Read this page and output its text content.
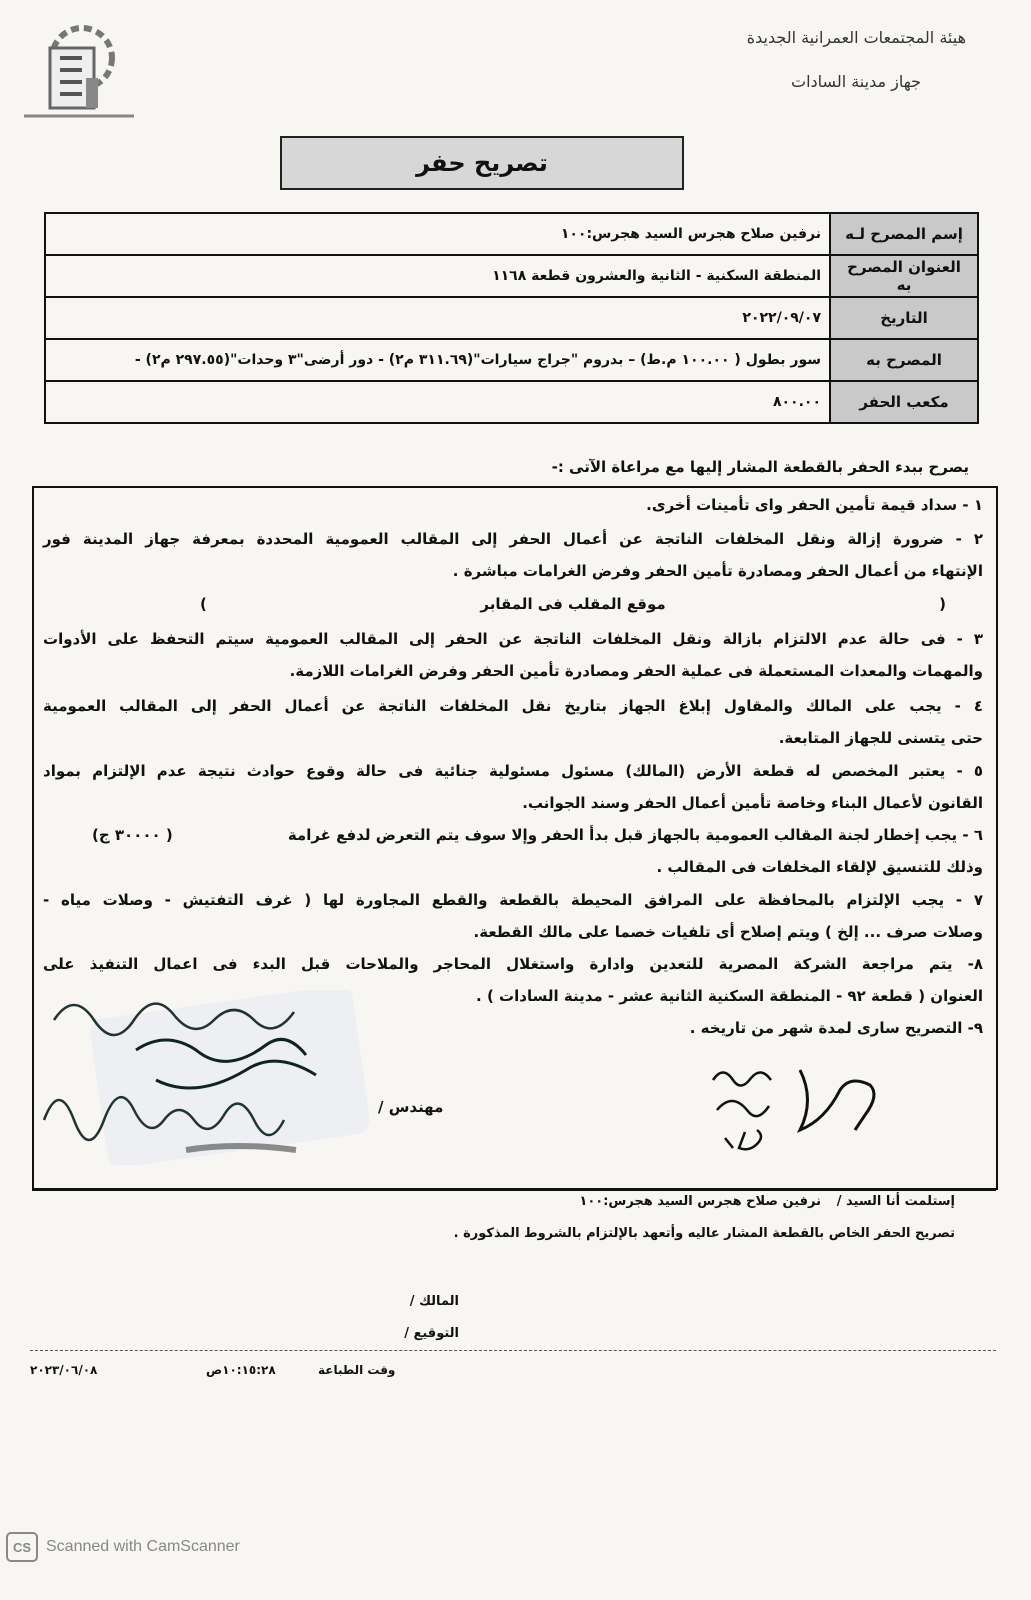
هيئة المجتمعات العمرانية الجديدة
جهاز مدينة السادات
تصريح حفر
إسم المصرح لـه	نرفين صلاح هجرس السيد هجرس:١٠٠
العنوان المصرح به	المنطقة السكنية - الثانية والعشرون قطعة ١١٦٨
التاريخ	٢٠٢٢/٠٩/٠٧
المصرح به	سور بطول ( ١٠٠.٠٠ م.ط) – بدروم "جراج سيارات"(٣١١.٦٩ م٢) - دور أرضى"٣ وحدات"(٢٩٧.٥٥ م٢) -
مكعب الحفر	٨٠٠.٠٠
يصرح ببدء الحفر بالقطعة المشار إليها مع مراعاة الآتى :-
١ - سداد قيمة تأمين الحفر واى تأمينات أخرى.
٢ - ضرورة إزالة ونقل المخلفات الناتجة عن أعمال الحفر إلى المقالب العمومية المحددة بمعرفة جهاز المدينة فور
الإنتهاء من أعمال الحفر ومصادرة تأمين الحفر وفرض الغرامات مباشرة .
(
موقع المقلب فى المقابر
)
٣ - فى حالة عدم الالتزام بازالة ونقل المخلفات الناتجة عن الحفر إلى المقالب العمومية سيتم التحفظ على الأدوات
والمهمات والمعدات المستعملة فى عملية الحفر ومصادرة تأمين الحفر وفرض الغرامات اللازمة.
٤ - يجب على المالك والمقاول إبلاغ الجهاز بتاريخ نقل المخلفات الناتجة عن أعمال الحفر إلى المقالب العمومية
حتى يتسنى للجهاز المتابعة.
٥ - يعتبر المخصص له قطعة الأرض (المالك) مسئول مسئولية جنائية فى حالة وقوع حوادث نتيجة عدم الإلتزام بمواد
القانون لأعمال البناء وخاصة تأمين أعمال الحفر وسند الجوانب.
٦ - يجب إخطار لجنة المقالب العمومية بالجهاز قبل بدأ الحفر وإلا سوف يتم التعرض لدفع غرامة
( ٣٠٠٠٠ ج)
وذلك للتنسيق لإلقاء المخلفات فى المقالب .
٧ - يجب الإلتزام بالمحافظة على المرافق المحيطة بالقطعة والقطع المجاورة لها ( غرف التفتيش - وصلات مياه -
وصلات صرف ... إلخ ) ويتم إصلاح أى تلفيات خصما على مالك القطعة.
٨- يتم مراجعة الشركة المصرية للتعدين وادارة واستغلال المحاجر والملاحات قبل البدء فى اعمال التنفيذ على
العنوان ( قطعة ٩٢ - المنطقة السكنية الثانية عشر - مدينة السادات ) .
٩- التصريح سارى لمدة شهر من تاريخه .
مهندس /
إستلمت أنا السيد /
نرفين صلاح هجرس السيد هجرس:١٠٠
تصريح الحفر الخاص بالقطعة المشار عاليه وأتعهد بالإلتزام بالشروط المذكورة .
المالك /
التوقيع /
وقت الطباعة
١٠:١٥:٢٨ص
٢٠٢٣/٠٦/٠٨
CS Scanned with CamScanner
